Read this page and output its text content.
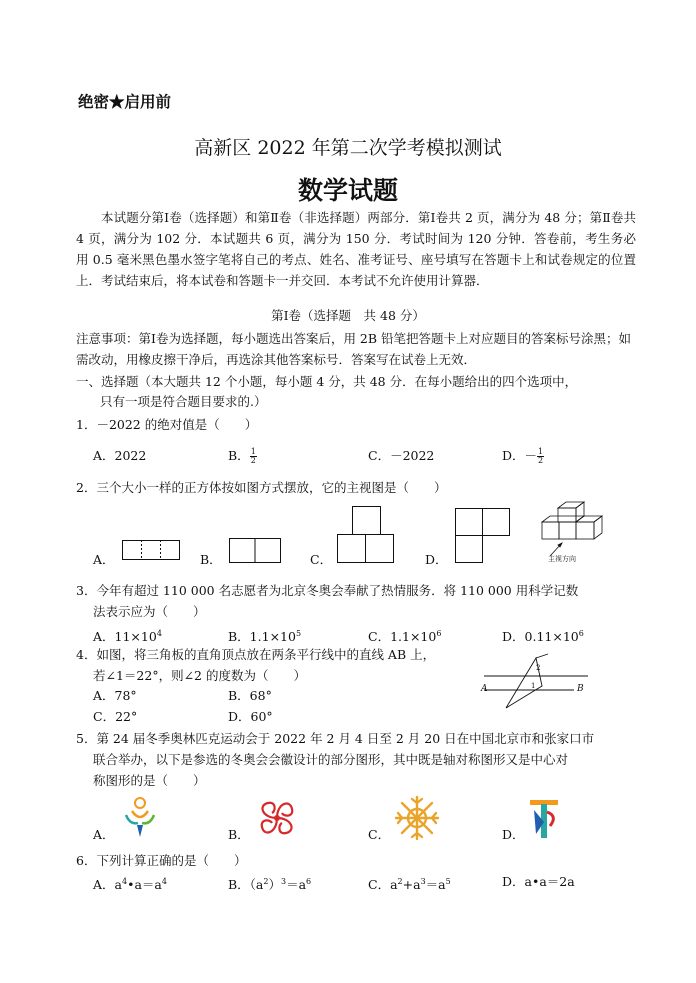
绝密★启用前
高新区 2022 年第二次学考模拟测试
数学试题
本试题分第Ⅰ卷（选择题）和第Ⅱ卷（非选择题）两部分．第Ⅰ卷共 2 页，满分为 48 分；第Ⅱ卷共 4 页，满分为 102 分．本试题共 6 页，满分为 150 分．考试时间为 120 分钟．答卷前，考生务必用 0.5 毫米黑色墨水签字笔将自己的考点、姓名、准考证号、座号填写在答题卡上和试卷规定的位置上．考试结束后，将本试卷和答题卡一并交回．本考试不允许使用计算器．
第Ⅰ卷（选择题　共 48 分）
注意事项：第Ⅰ卷为选择题，每小题选出答案后，用 2B 铅笔把答题卡上对应题目的答案标号涂黑；如需改动，用橡皮擦干净后，再选涂其他答案标号．答案写在试卷上无效．
一、选择题（本大题共 12 个小题，每小题 4 分，共 48 分．在每小题给出的四个选项中，
只有一项是符合题目要求的.）
1．－2022 的绝对值是（　　）
A．2022	B． $\frac{1}{2}$	C．－2022	D．－ $\frac{1}{2}$
2．三个大小一样的正方体按如图方式摆放，它的主视图是（　　）
A．	B．	C．	D．	主视方向
3．今年有超过 110 000 名志愿者为北京冬奥会奉献了热情服务．将 110 000 用科学记数
法表示应为（　　）
A．$11\times 10^4$	B．$1.1\times 10^5$	C．$1.1\times 10^6$	D．$0.11\times 10^6$
4．如图，将三角板的直角顶点放在两条平行线中的直线 AB 上，
若∠1＝22°，则∠2 的度数为（　　）
A．78°	B．68°
C．22°	D．60°
A	B
1
2
5．第 24 届冬季奥林匹克运动会于 2022 年 2 月 4 日至 2 月 20 日在中国北京市和张家口市
联合举办，以下是参选的冬奥会会徽设计的部分图形，其中既是轴对称图形又是中心对
称图形的是（　　）
A．	B．	C．	D．
6．下列计算正确的是（　　）
A．$a^4•a=a^4$	B．$(a^2)^3=a^6$	C．$a^2+a^3=a^5$	D．a•a＝2a
